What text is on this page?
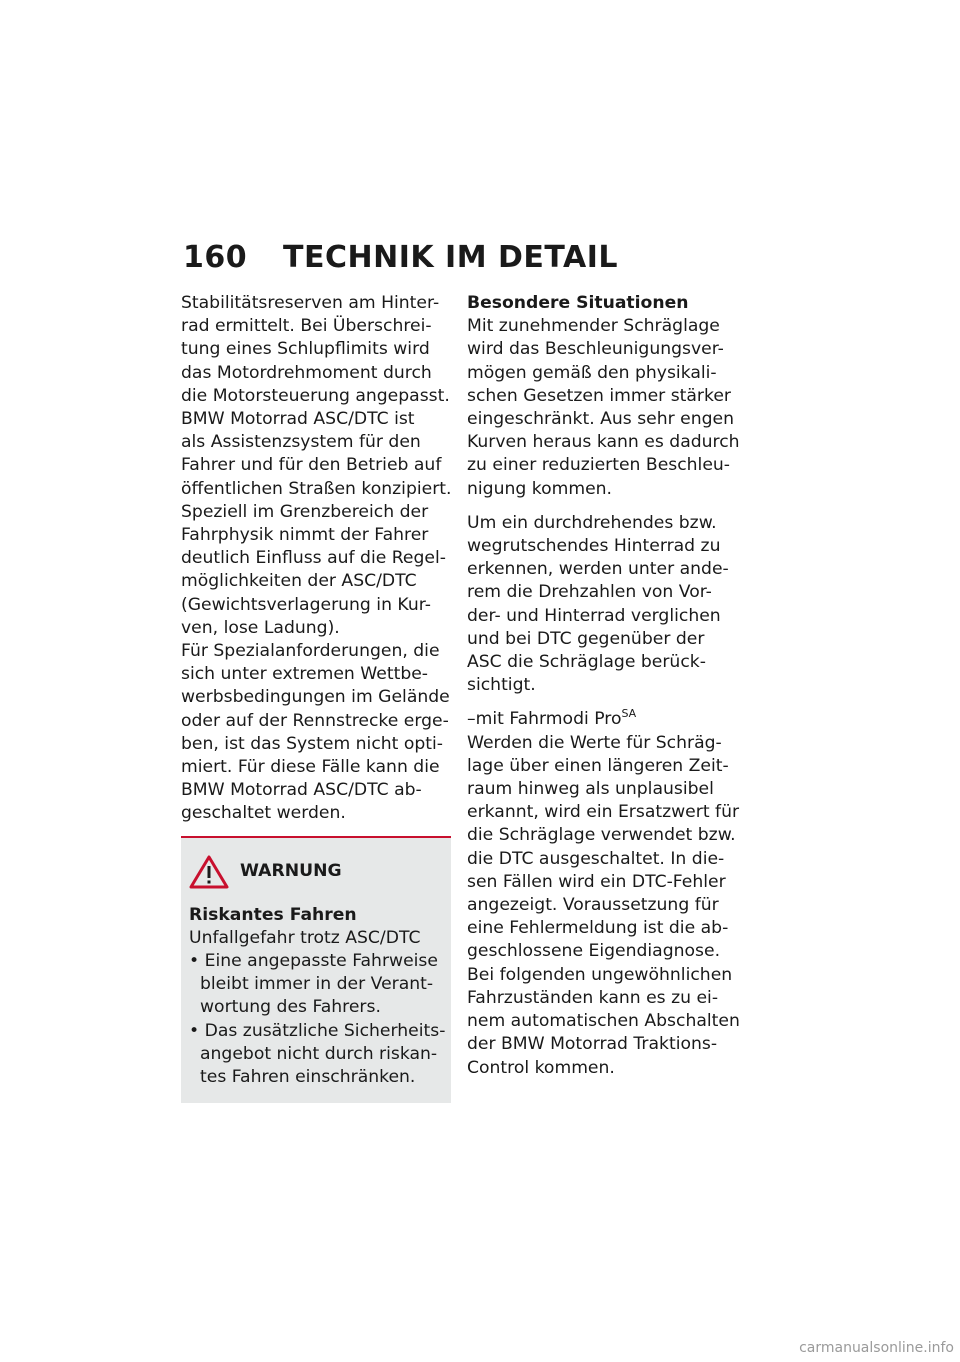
160 TECHNIK IM DETAIL
Stabilitätsreserven am Hinter-
rad ermittelt. Bei Überschrei-
tung eines Schlupflimits wird
das Motordrehmoment durch
die Motorsteuerung angepasst.
BMW Motorrad ASC/DTC ist
als Assistenzsystem für den
Fahrer und für den Betrieb auf
öffentlichen Straßen konzipiert.
Speziell im Grenzbereich der
Fahrphysik nimmt der Fahrer
deutlich Einfluss auf die Regel-
möglichkeiten der ASC/DTC
(Gewichtsverlagerung in Kur-
ven, lose Ladung).
Für Spezialanforderungen, die
sich unter extremen Wettbe-
werbsbedingungen im Gelände
oder auf der Rennstrecke erge-
ben, ist das System nicht opti-
miert. Für diese Fälle kann die
BMW Motorrad ASC/DTC ab-
geschaltet werden.
WARNUNG
Riskantes Fahren
Unfallgefahr trotz ASC/DTC
• Eine angepasste Fahrweise
bleibt immer in der Verant-
wortung des Fahrers.
• Das zusätzliche Sicherheits-
angebot nicht durch riskan-
tes Fahren einschränken.
Besondere Situationen
Mit zunehmender Schräglage
wird das Beschleunigungsver-
mögen gemäß den physikali-
schen Gesetzen immer stärker
eingeschränkt. Aus sehr engen
Kurven heraus kann es dadurch
zu einer reduzierten Beschleu-
nigung kommen.
Um ein durchdrehendes bzw.
wegrutschendes Hinterrad zu
erkennen, werden unter ande-
rem die Drehzahlen von Vor-
der- und Hinterrad verglichen
und bei DTC gegenüber der
ASC die Schräglage berück-
sichtigt.
–mit Fahrmodi Pro$^{SA}$
Werden die Werte für Schräg-
lage über einen längeren Zeit-
raum hinweg als unplausibel
erkannt, wird ein Ersatzwert für
die Schräglage verwendet bzw.
die DTC ausgeschaltet. In die-
sen Fällen wird ein DTC-Fehler
angezeigt. Voraussetzung für
eine Fehlermeldung ist die ab-
geschlossene Eigendiagnose.
Bei folgenden ungewöhnlichen
Fahrzuständen kann es zu ei-
nem automatischen Abschalten
der BMW Motorrad Traktions-
Control kommen.
carmanualsonline.info
